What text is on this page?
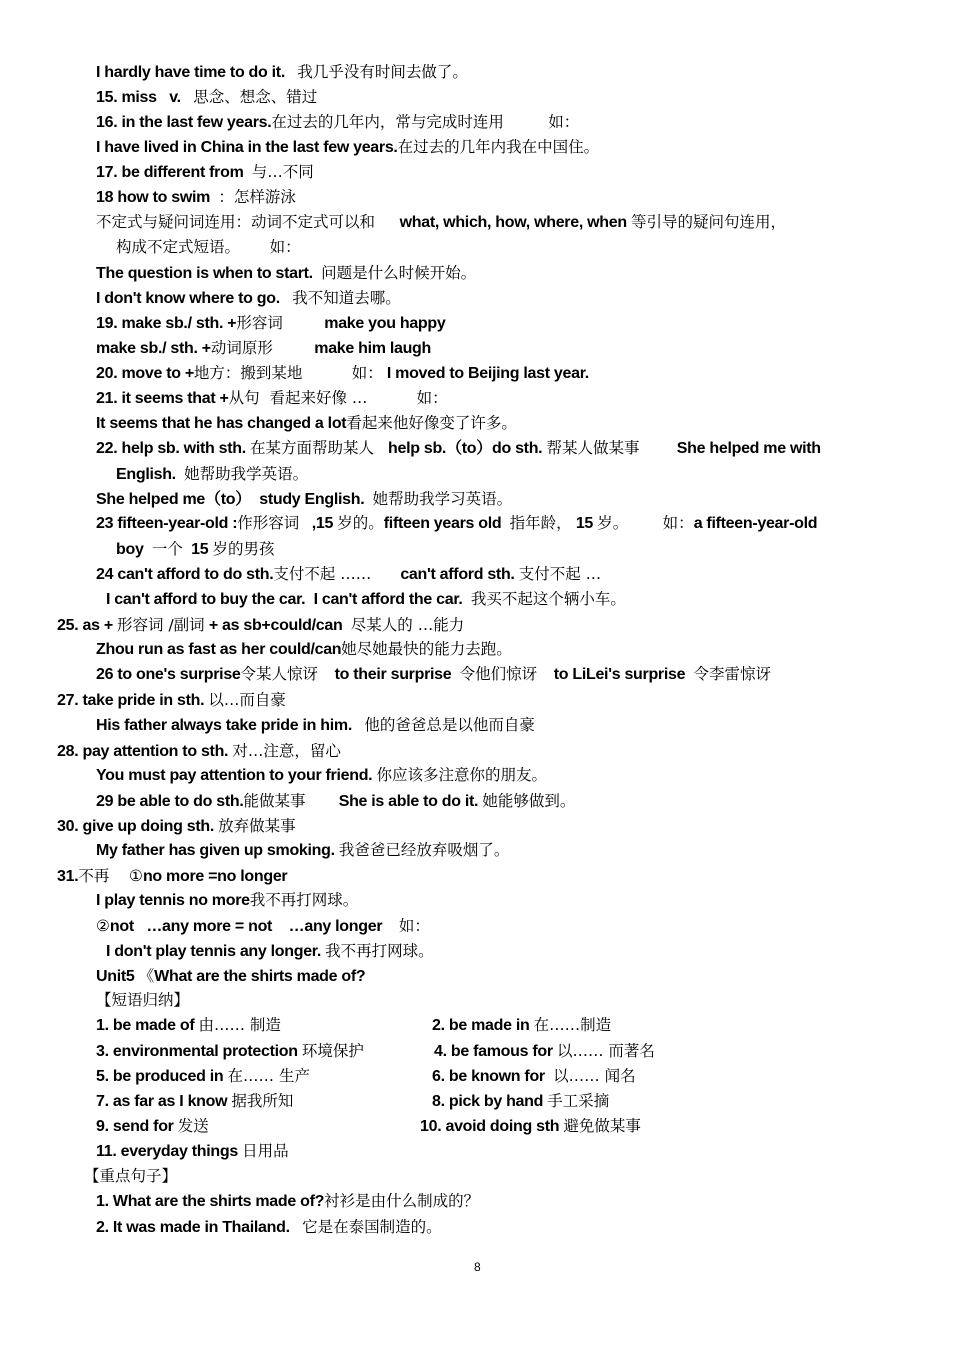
I hardly have time to do it.   我几乎没有时间去做了。
15. miss   v.   思念、想念、错过
16. in the last few years.在过去的几年内，常与完成时连用         如：
I have lived in China in the last few years.在过去的几年内我在中国住。
17. be different from  与…不同
18 how to swim  ：怎样游泳
不定式与疑问词连用：动词不定式可以和     what, which, how, where, when 等引导的疑问句连用，
构成不定式短语。      如：
The question is when to start.  问题是什么时候开始。
I don't know where to go.   我不知道去哪。
19. make sb./ sth. +形容词          make you happy
make sb./ sth. +动词原形          make him laugh
20. move to +地方：搬到某地          如： I moved to Beijing last year.
21. it seems that +从句  看起来好像 …          如：
It seems that he has changed a lot看起来他好像变了许多。
22. help sb. with sth. 在某方面帮助某人   help sb.（to）do sth. 帮某人做某事         She helped me with
English.  她帮助我学英语。
She helped me（to）  study English.  她帮助我学习英语。
23 fifteen-year-old :作形容词   ,15 岁的。fifteen years old  指年龄， 15 岁。       如：a fifteen-year-old
boy  一个  15 岁的男孩
24 can't afford to do sth.支付不起 ……       can't afford sth. 支付不起 …
I can't afford to buy the car.  I can't afford the car.  我买不起这个辆小车。
25. as + 形容词 /副词 + as sb+could/can  尽某人的 …能力
Zhou run as fast as her could/can她尽她最快的能力去跑。
26 to one's surprise令某人惊讶    to their surprise  令他们惊讶    to LiLei's surprise  令李雷惊讶
27. take pride in sth. 以…而自豪
His father always take pride in him.   他的爸爸总是以他而自豪
28. pay attention to sth. 对…注意，留心
You must pay attention to your friend. 你应该多注意你的朋友。
29 be able to do sth.能做某事        She is able to do it. 她能够做到。
30. give up doing sth. 放弃做某事
My father has given up smoking. 我爸爸已经放弃吸烟了。
31.不再    ①no more =no longer
I play tennis no more我不再打网球。
②not   …any more = not    …any longer    如：
I don't play tennis any longer. 我不再打网球。
Unit5 《What are the shirts made of?
【短语归纳】
1. be made of 由…… 制造	2. be made in 在……制造
3. environmental protection 环境保护	4. be famous for 以…… 而著名
5. be produced in 在…… 生产	6. be known for  以…… 闻名
7. as far as I know 据我所知	8. pick by hand 手工采摘
9. send for 发送	10. avoid doing sth 避免做某事
11. everyday things 日用品
【重点句子】
1. What are the shirts made of?衬衫是由什么制成的？
2. It was made in Thailand.   它是在泰国制造的。
8
